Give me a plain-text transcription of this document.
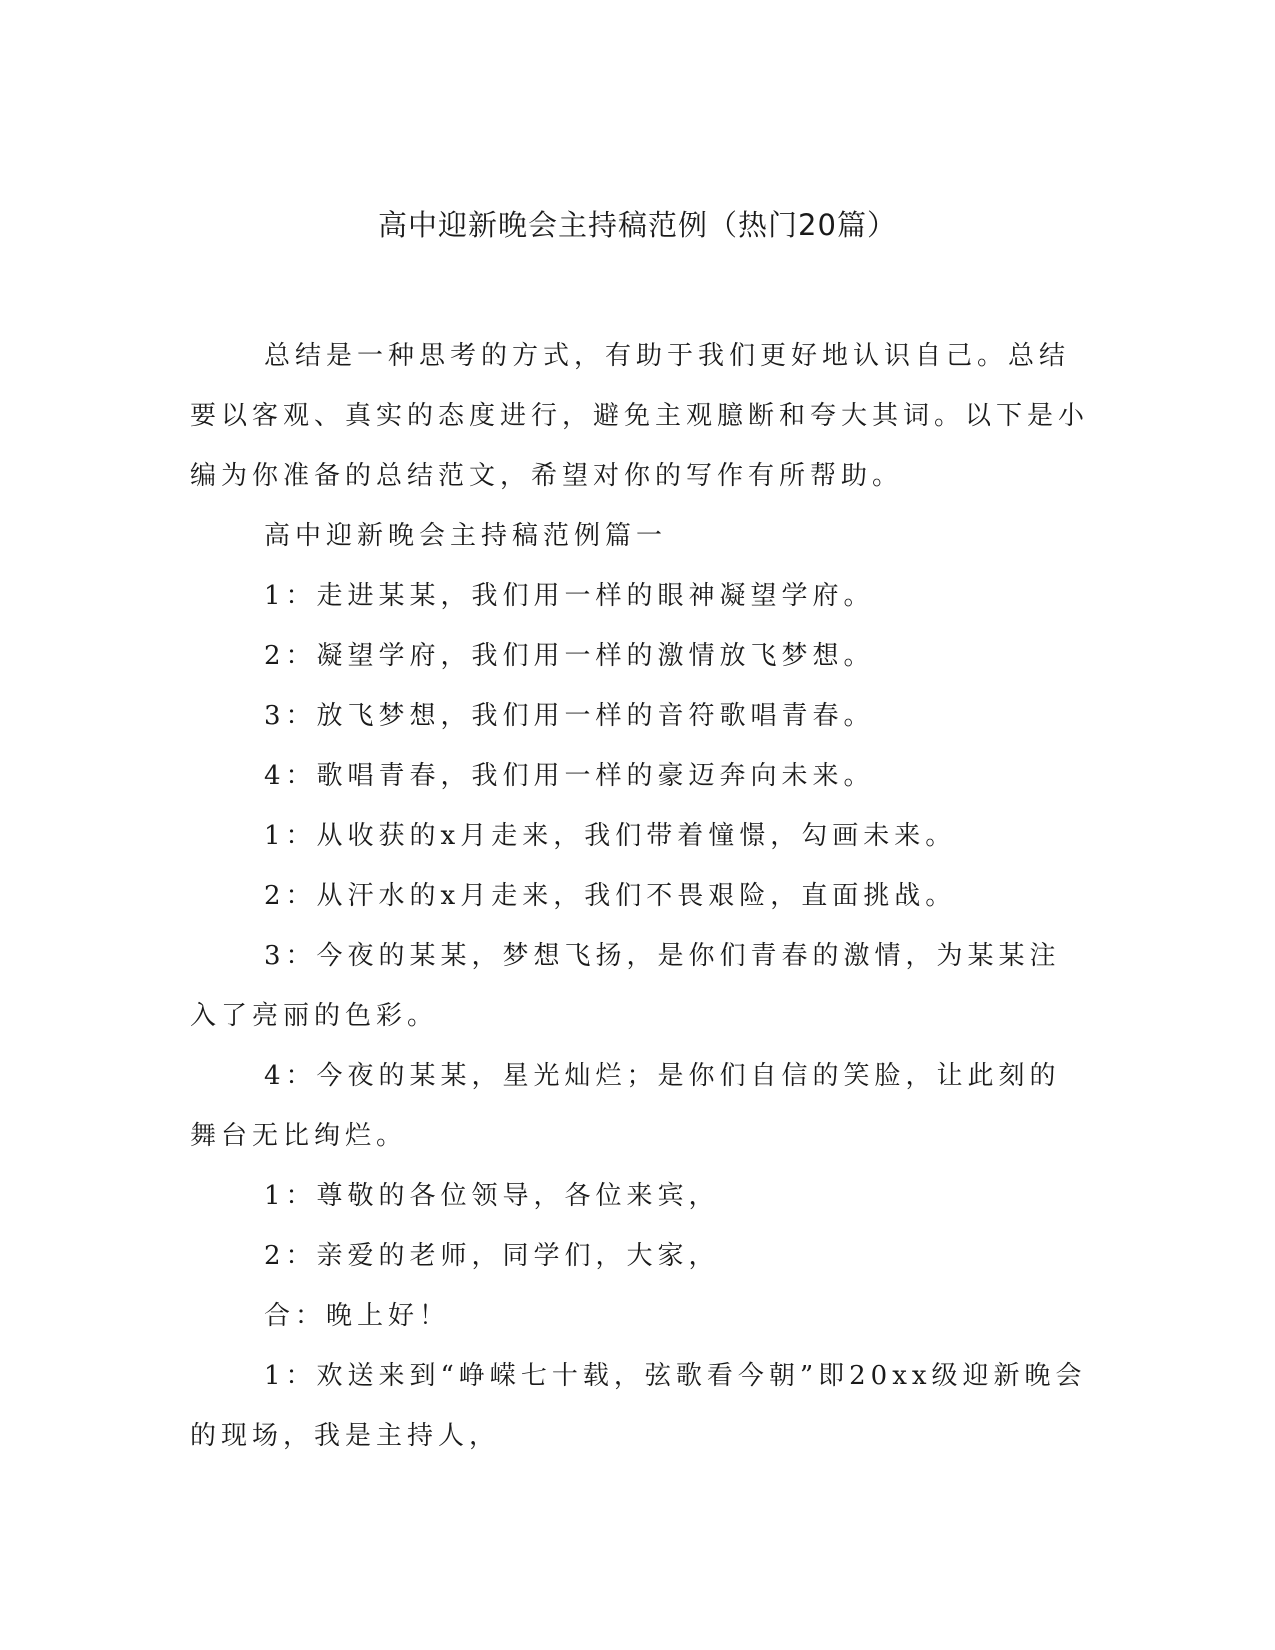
高中迎新晚会主持稿范例（热门20篇）

总结是一种思考的方式，有助于我们更好地认识自己。总结要以客观、真实的态度进行，避免主观臆断和夸大其词。以下是小编为你准备的总结范文，希望对你的写作有所帮助。

高中迎新晚会主持稿范例篇一

1：走进某某，我们用一样的眼神凝望学府。

2：凝望学府，我们用一样的激情放飞梦想。

3：放飞梦想，我们用一样的音符歌唱青春。

4：歌唱青春，我们用一样的豪迈奔向未来。

1：从收获的x月走来，我们带着憧憬，勾画未来。

2：从汗水的x月走来，我们不畏艰险，直面挑战。

3：今夜的某某，梦想飞扬，是你们青春的激情，为某某注入了亮丽的色彩。

4：今夜的某某，星光灿烂；是你们自信的笑脸，让此刻的舞台无比绚烂。

1：尊敬的各位领导，各位来宾，

2：亲爱的老师，同学们，大家，

合：晚上好！

1：欢送来到“峥嵘七十载，弦歌看今朝”即20xx级迎新晚会的现场，我是主持人，
